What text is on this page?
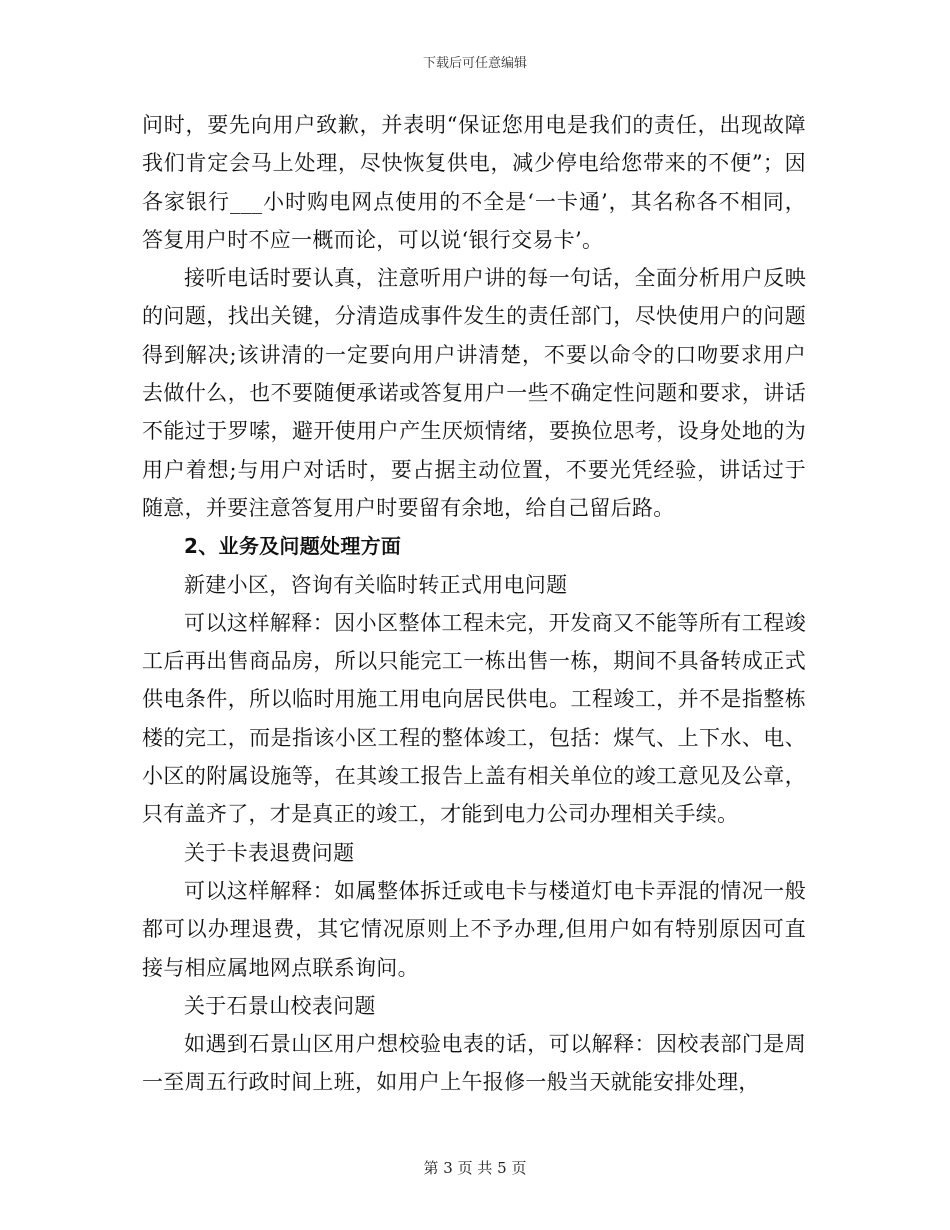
下载后可任意编辑

问时，要先向用户致歉，并表明“保证您用电是我们的责任，出现故障我们肯定会马上处理，尽快恢复供电，减少停电给您带来的不便”；因各家银行___小时购电网点使用的不全是‘一卡通’，其名称各不相同，答复用户时不应一概而论，可以说‘银行交易卡’。

接听电话时要认真，注意听用户讲的每一句话，全面分析用户反映的问题，找出关键，分清造成事件发生的责任部门，尽快使用户的问题得到解决;该讲清的一定要向用户讲清楚，不要以命令的口吻要求用户去做什么，也不要随便承诺或答复用户一些不确定性问题和要求，讲话不能过于罗嗦，避开使用户产生厌烦情绪，要换位思考，设身处地的为用户着想;与用户对话时，要占据主动位置，不要光凭经验，讲话过于随意，并要注意答复用户时要留有余地，给自己留后路。

2、业务及问题处理方面

新建小区，咨询有关临时转正式用电问题

可以这样解释：因小区整体工程未完，开发商又不能等所有工程竣工后再出售商品房，所以只能完工一栋出售一栋，期间不具备转成正式供电条件，所以临时用施工用电向居民供电。工程竣工，并不是指整栋楼的完工，而是指该小区工程的整体竣工，包括：煤气、上下水、电、小区的附属设施等，在其竣工报告上盖有相关单位的竣工意见及公章，只有盖齐了，才是真正的竣工，才能到电力公司办理相关手续。

关于卡表退费问题

可以这样解释：如属整体拆迁或电卡与楼道灯电卡弄混的情况一般都可以办理退费，其它情况原则上不予办理,但用户如有特别原因可直接与相应属地网点联系询问。

关于石景山校表问题

如遇到石景山区用户想校验电表的话，可以解释：因校表部门是周一至周五行政时间上班，如用户上午报修一般当天就能安排处理，

第 3 页 共 5 页
